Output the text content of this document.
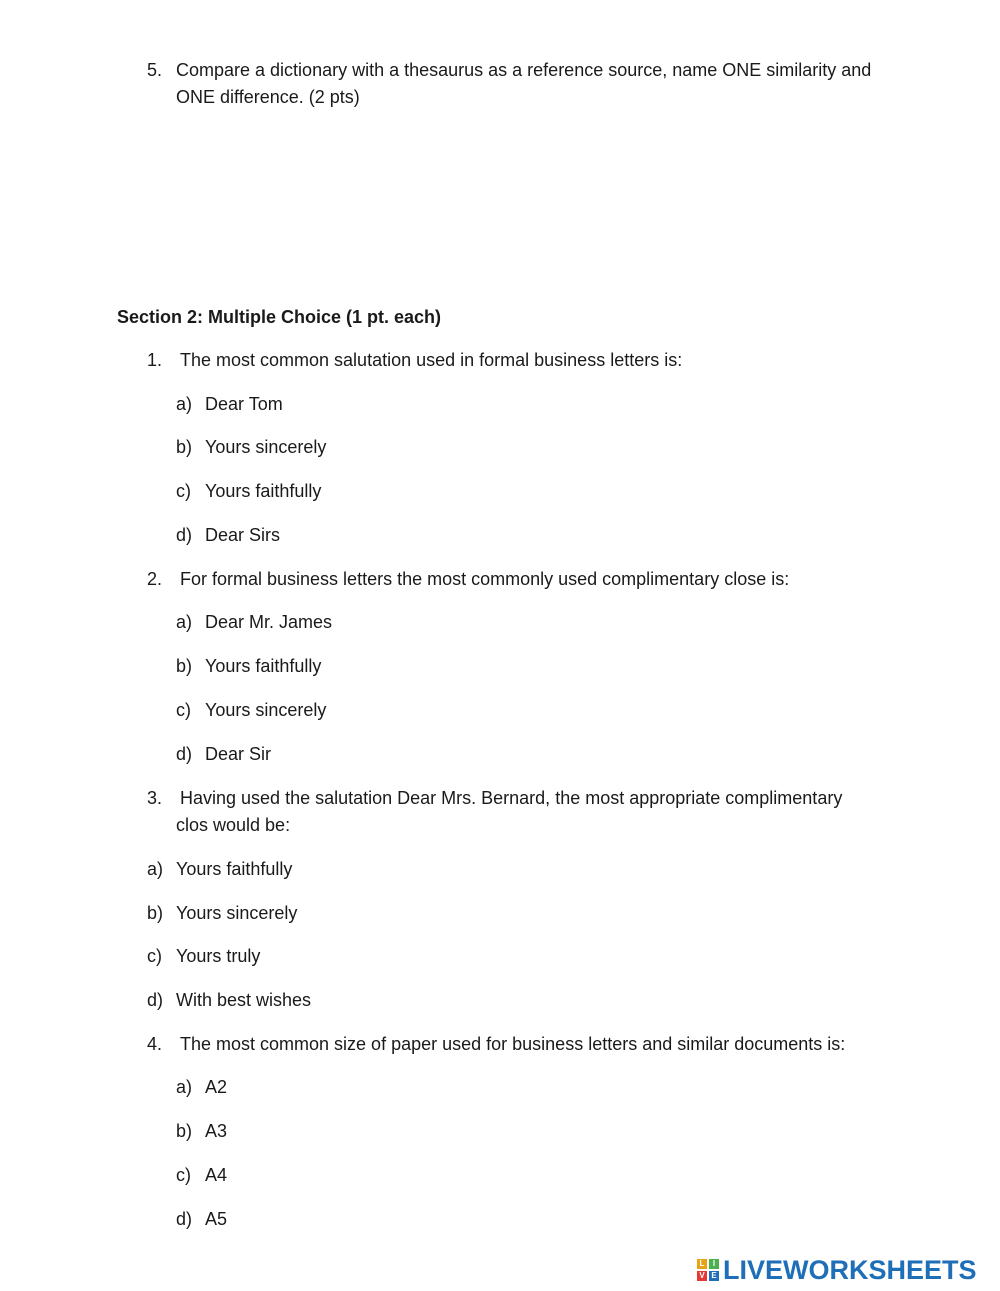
5. Compare a dictionary with a thesaurus as a reference source, name ONE similarity and
ONE difference. (2 pts)
Section 2: Multiple Choice (1 pt. each)
1. The most common salutation used in formal business letters is:
a) Dear Tom
b) Yours sincerely
c) Yours faithfully
d) Dear Sirs
2. For formal business letters the most commonly used complimentary close is:
a) Dear Mr. James
b) Yours faithfully
c) Yours sincerely
d) Dear Sir
3. Having used the salutation Dear Mrs. Bernard, the most appropriate complimentary
clos would be:
a) Yours faithfully
b) Yours sincerely
c) Yours truly
d) With best wishes
4. The most common size of paper used for business letters and similar documents is:
a) A2
b) A3
c) A4
d) A5
L	I
V E LIVEWORKSHEETS
